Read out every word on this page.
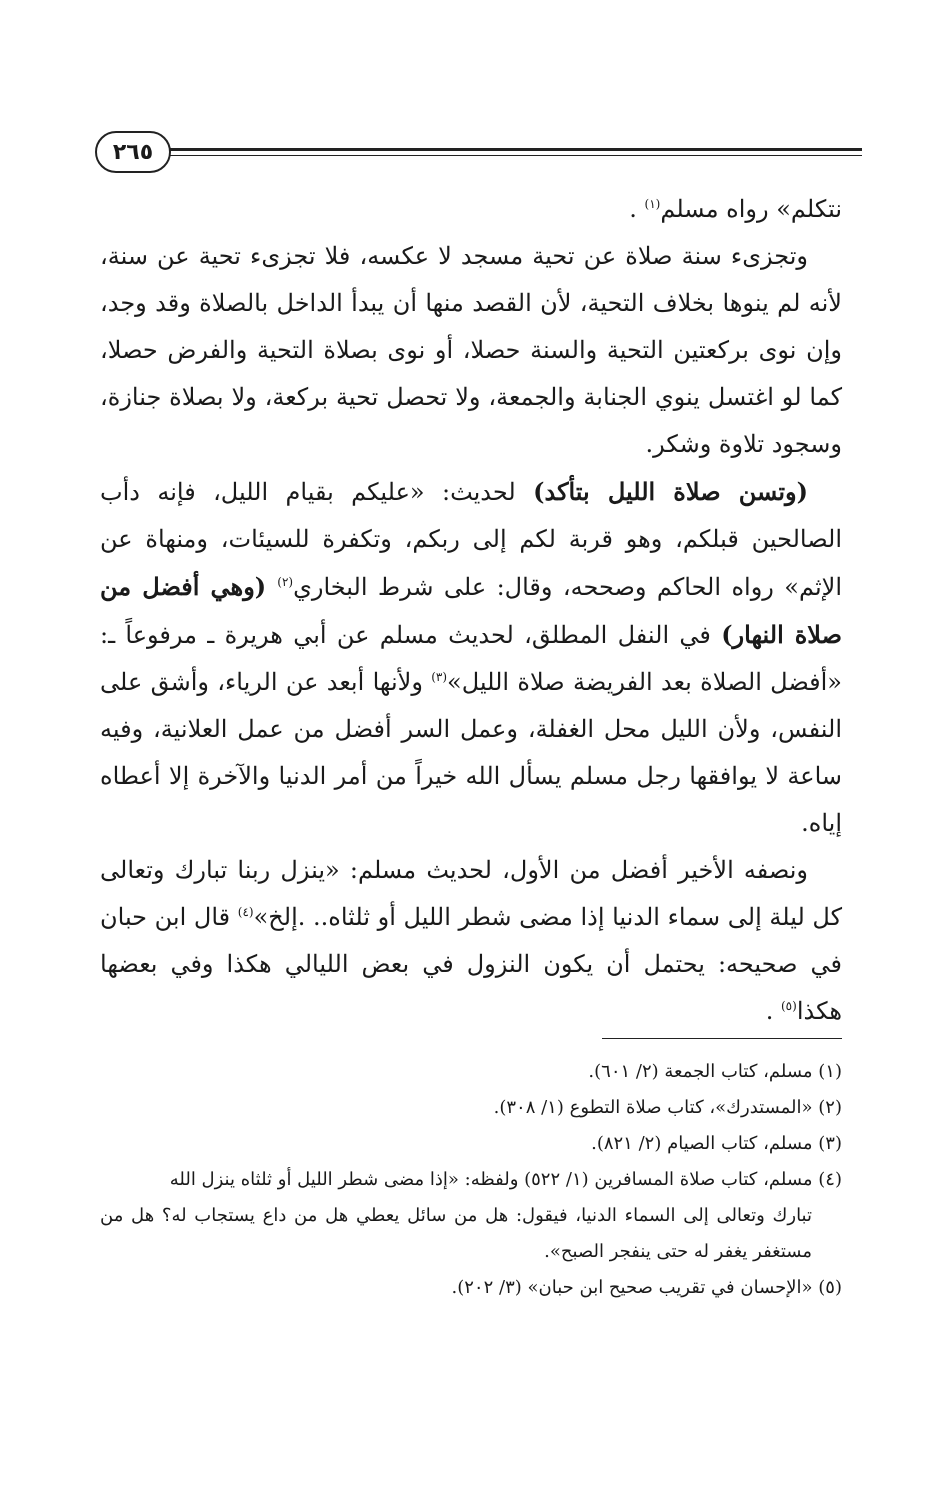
٢٦٥

نتكلم» رواه مسلم$^{(١)}$ .

وتجزىء سنة صلاة عن تحية مسجد لا عكسه، فلا تجزىء تحية عن سنة، لأنه لم ينوها بخلاف التحية، لأن القصد منها أن يبدأ الداخل بالصلاة وقد وجد، وإن نوى بركعتين التحية والسنة حصلا، أو نوى بصلاة التحية والفرض حصلا، كما لو اغتسل ينوي الجنابة والجمعة، ولا تحصل تحية بركعة، ولا بصلاة جنازة، وسجود تلاوة وشكر.

(وتسن صلاة الليل بتأكد) لحديث: «عليكم بقيام الليل، فإنه دأب الصالحين قبلكم، وهو قربة لكم إلى ربكم، وتكفرة للسيئات، ومنهاة عن الإثم» رواه الحاكم وصححه، وقال: على شرط البخاري$^{(٢)}$ (وهي أفضل من صلاة النهار) في النفل المطلق، لحديث مسلم عن أبي هريرة ـ مرفوعاً ـ: «أفضل الصلاة بعد الفريضة صلاة الليل»$^{(٣)}$ ولأنها أبعد عن الرياء، وأشق على النفس، ولأن الليل محل الغفلة، وعمل السر أفضل من عمل العلانية، وفيه ساعة لا يوافقها رجل مسلم يسأل الله خيراً من أمر الدنيا والآخرة إلا أعطاه إياه.

ونصفه الأخير أفضل من الأول، لحديث مسلم: «ينزل ربنا تبارك وتعالى كل ليلة إلى سماء الدنيا إذا مضى شطر الليل أو ثلثاه.. .إلخ»$^{(٤)}$ قال ابن حبان في صحيحه: يحتمل أن يكون النزول في بعض الليالي هكذا وفي بعضها هكذا$^{(٥)}$ .

(١) مسلم، كتاب الجمعة (٢/ ٦٠١).

(٢) «المستدرك»، كتاب صلاة التطوع (١/ ٣٠٨).

(٣) مسلم، كتاب الصيام (٢/ ٨٢١).

(٤) مسلم، كتاب صلاة المسافرين (١/ ٥٢٢) ولفظه: «إذا مضى شطر الليل أو ثلثاه ينزل الله

تبارك وتعالى إلى السماء الدنيا، فيقول: هل من سائل يعطي هل من داع يستجاب له؟ هل من مستغفر يغفر له حتى ينفجر الصبح».

(٥) «الإحسان في تقريب صحيح ابن حبان» (٣/ ٢٠٢).
